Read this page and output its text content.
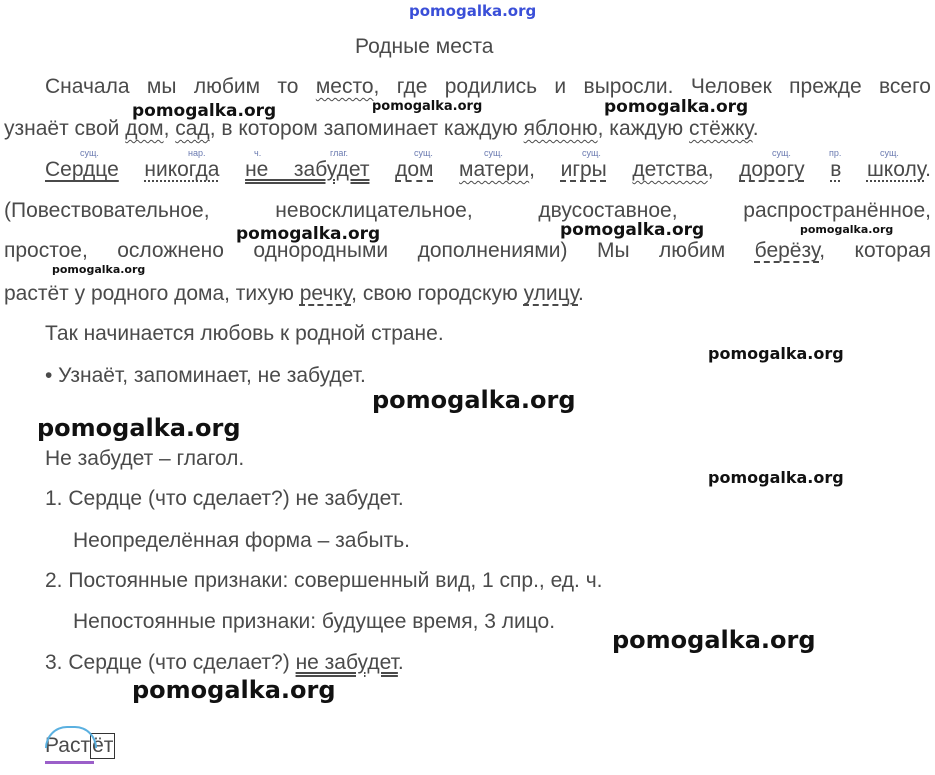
pomogalka.org
Родные места
Сначала мы любим то место, где родились и выросли. Человек прежде всего
узнаёт свой дом, сад, в котором запоминает каждую яблоню, каждую стёжку.
сущ.	нар.	ч.	глаг.	сущ.	сущ.	сущ.	сущ.	пр.	сущ.
Сердце никогда не забудет дом матери, игры детства, дорогу в школу.
(Повествовательное, невосклицательное, двусоставное, распространённое,
простое, осложнено однородными дополнениями) Мы любим берёзу, которая
растёт у родного дома, тихую речку, свою городскую улицу.
Так начинается любовь к родной стране.
• Узнаёт, запоминает, не забудет.
Не забудет – глагол.
1. Сердце (что сделает?) не забудет.
Неопределённая форма – забыть.
2. Постоянные признаки: совершенный вид, 1 спр., ед. ч.
Непостоянные признаки: будущее время, 3 лицо.
3. Сердце (что сделает?) не забудет.
Растёт
pomogalka.org	pomogalka.org	pomogalka.org
pomogalka.org	pomogalka.org	pomogalka.org
pomogalka.org
pomogalka.org
pomogalka.org
pomogalka.org
pomogalka.org
pomogalka.org
pomogalka.org
